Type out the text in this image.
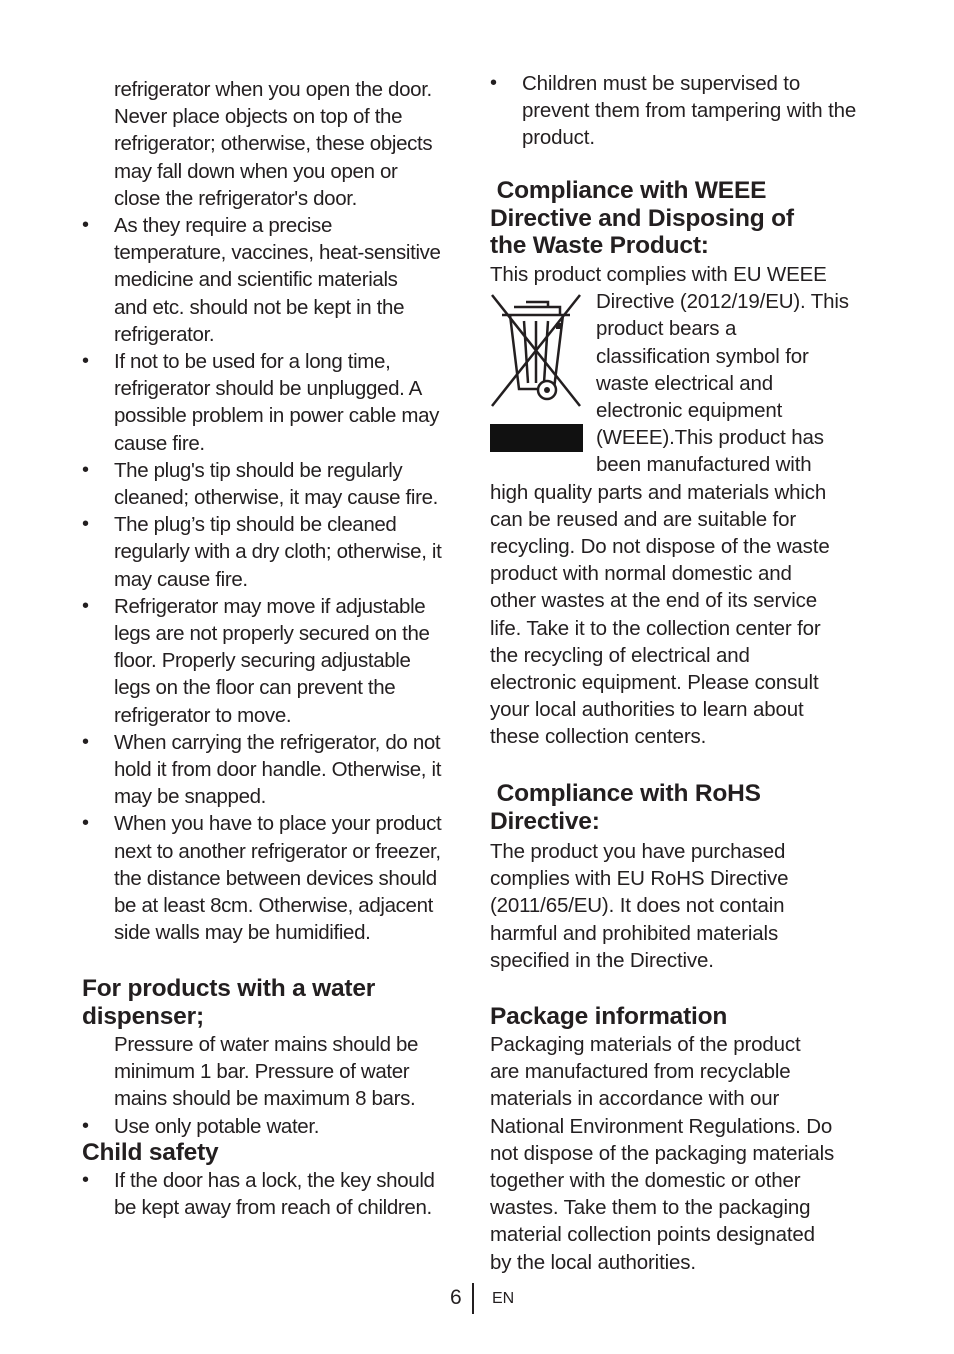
refrigerator when you open the door.
Never place objects on top of the
refrigerator; otherwise, these objects
may fall down when you open or
close the refrigerator's door.
• As they require a precise
temperature, vaccines, heat-sensitive
medicine and scientific materials
and etc. should not be kept in the
refrigerator.
• If not to be used for a long time,
refrigerator should be unplugged. A
possible problem in power cable may
cause fire.
• The plug's tip should be regularly
cleaned; otherwise, it may cause fire.
• The plug’s tip should be cleaned
regularly with a dry cloth; otherwise, it
may cause fire.
• Refrigerator may move if adjustable
legs are not properly secured on the
floor. Properly securing adjustable
legs on the floor can prevent the
refrigerator to move.
• When carrying the refrigerator, do not
hold it from door handle. Otherwise, it
may be snapped.
• When you have to place your product
next to another refrigerator or freezer,
the distance between devices should
be at least 8cm. Otherwise, adjacent
side walls may be humidified.
For products with a water
dispenser;
Pressure of water mains should be
minimum 1 bar. Pressure of water
mains should be maximum 8 bars.
• Use only potable water.
Child safety
• If the door has a lock, the key should
be kept away from reach of children.
• Children must be supervised to
prevent them from tampering with the
product.
Compliance with WEEE
Directive and Disposing of
the Waste Product:
This product complies with EU WEEE
Directive (2012/19/EU). This
product bears a
classification symbol for
waste electrical and
electronic equipment
(WEEE).This product has
been manufactured with
high quality parts and materials which
can be reused and are suitable for
recycling. Do not dispose of the waste
product with normal domestic and
other wastes at the end of its service
life. Take it to the collection center for
the recycling of electrical and
electronic equipment. Please consult
your local authorities to learn about
these collection centers.
Compliance with RoHS
Directive:
The product you have purchased
complies with EU RoHS Directive
(2011/65/EU). It does not contain
harmful and prohibited materials
specified in the Directive.
Package information
Packaging materials of the product
are manufactured from recyclable
materials in accordance with our
National Environment Regulations. Do
not dispose of the packaging materials
together with the domestic or other
wastes. Take them to the packaging
material collection points designated
by the local authorities.
6 EN
